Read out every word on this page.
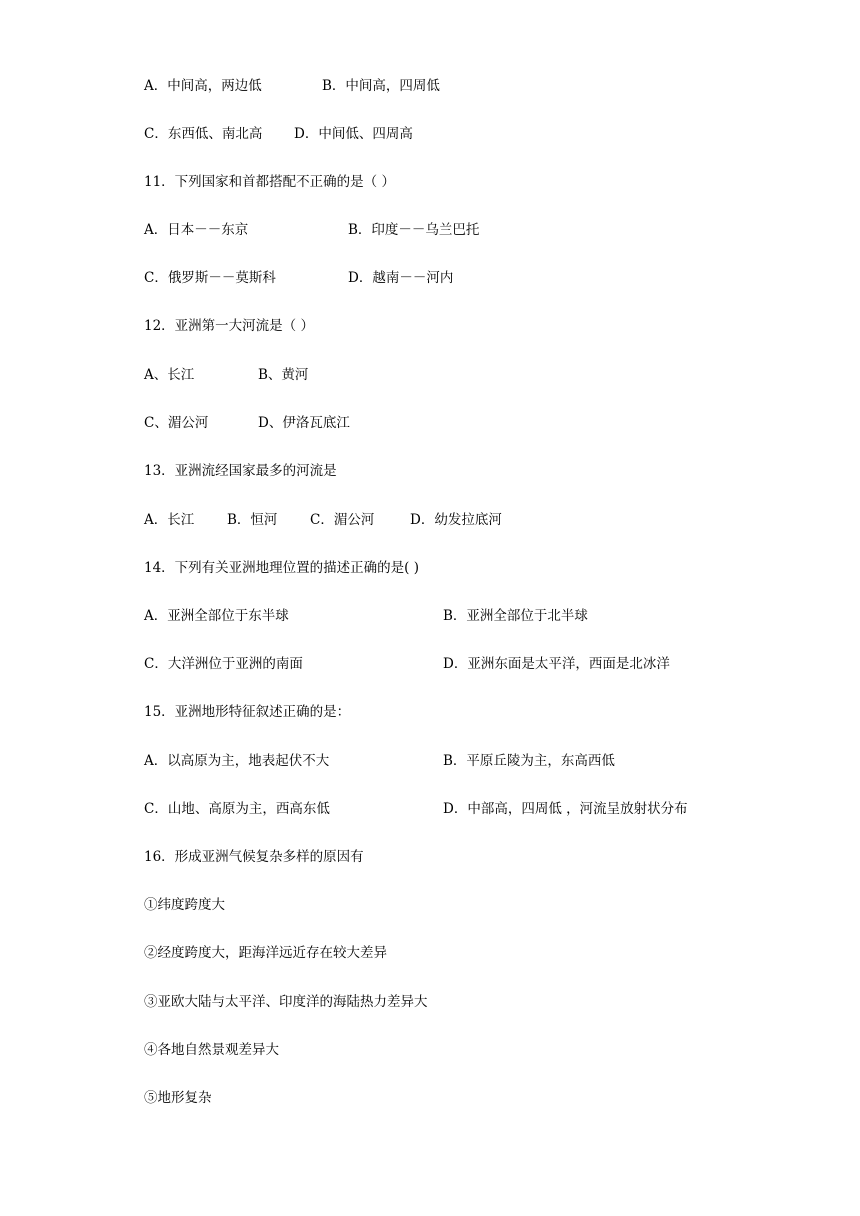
A．中间高，两边低	B．中间高，四周低
C．东西低、南北高 D．中间低、四周高
11．下列国家和首都搭配不正确的是（ ）
A．日本－－东京	B．印度－－乌兰巴托
C．俄罗斯－－莫斯科	D．越南－－河内
12．亚洲第一大河流是（ ）
A、长江	B、黄河
C、湄公河	D、伊洛瓦底江
13．亚洲流经国家最多的河流是
A．长江 B．恒河 C．湄公河	D．幼发拉底河
14．下列有关亚洲地理位置的描述正确的是( )
A．亚洲全部位于东半球	B．亚洲全部位于北半球
C．大洋洲位于亚洲的南面	D．亚洲东面是太平洋，西面是北冰洋
15．亚洲地形特征叙述正确的是：
A．以高原为主，地表起伏不大	B．平原丘陵为主，东高西低
C．山地、高原为主，西高东低	D．中部高，四周低 ，河流呈放射状分布
16．形成亚洲气候复杂多样的原因有
①纬度跨度大
②经度跨度大，距海洋远近存在较大差异
③亚欧大陆与太平洋、印度洋的海陆热力差异大
④各地自然景观差异大
⑤地形复杂
